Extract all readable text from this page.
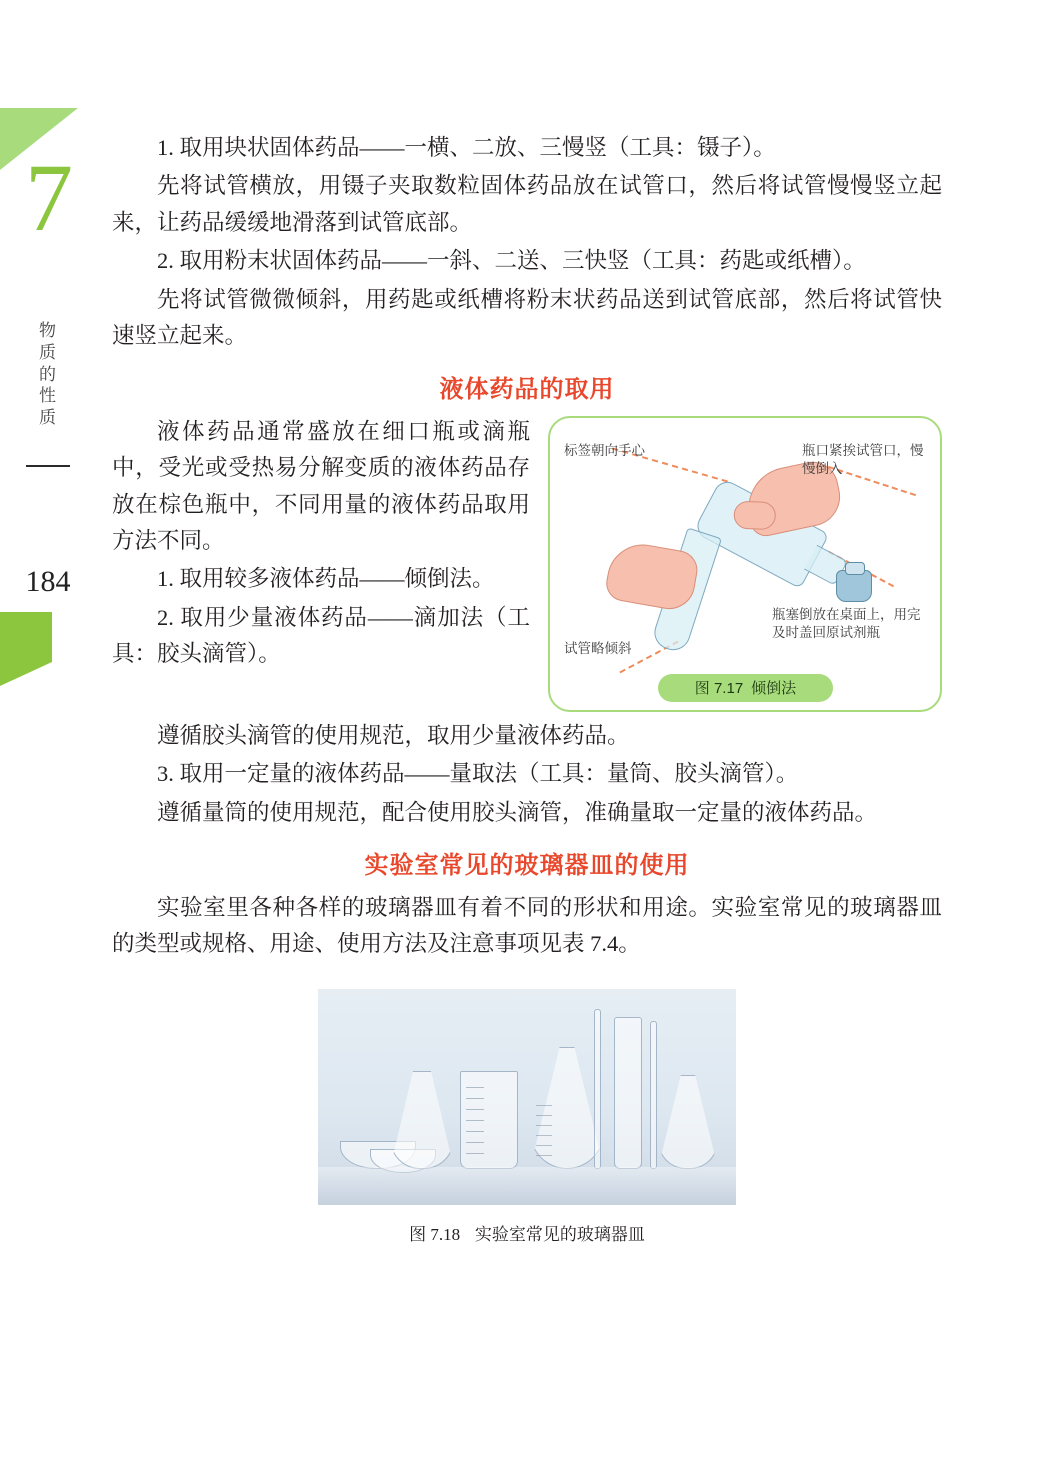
7
物
质
的
性
质
184

1. 取用块状固体药品——一横、二放、三慢竖（工具：镊子）。

先将试管横放，用镊子夹取数粒固体药品放在试管口，然后将试管慢慢竖立起来，让药品缓缓地滑落到试管底部。

2. 取用粉末状固体药品——一斜、二送、三快竖（工具：药匙或纸槽）。

先将试管微微倾斜，用药匙或纸槽将粉末状药品送到试管底部，然后将试管快速竖立起来。

液体药品的取用
标签朝向手心	瓶口紧挨试管口，慢慢倒入
试管略倾斜
瓶塞倒放在桌面上，用完及时盖回原试剂瓶
图 7.17 倾倒法

液体药品通常盛放在细口瓶或滴瓶中，受光或受热易分解变质的液体药品存放在棕色瓶中，不同用量的液体药品取用方法不同。

1. 取用较多液体药品——倾倒法。

2. 取用少量液体药品——滴加法（工具：胶头滴管）。

遵循胶头滴管的使用规范，取用少量液体药品。

3. 取用一定量的液体药品——量取法（工具：量筒、胶头滴管）。

遵循量筒的使用规范，配合使用胶头滴管，准确量取一定量的液体药品。

实验室常见的玻璃器皿的使用

实验室里各种各样的玻璃器皿有着不同的形状和用途。实验室常见的玻璃器皿的类型或规格、用途、使用方法及注意事项见表 7.4。

图 7.18 实验室常见的玻璃器皿
